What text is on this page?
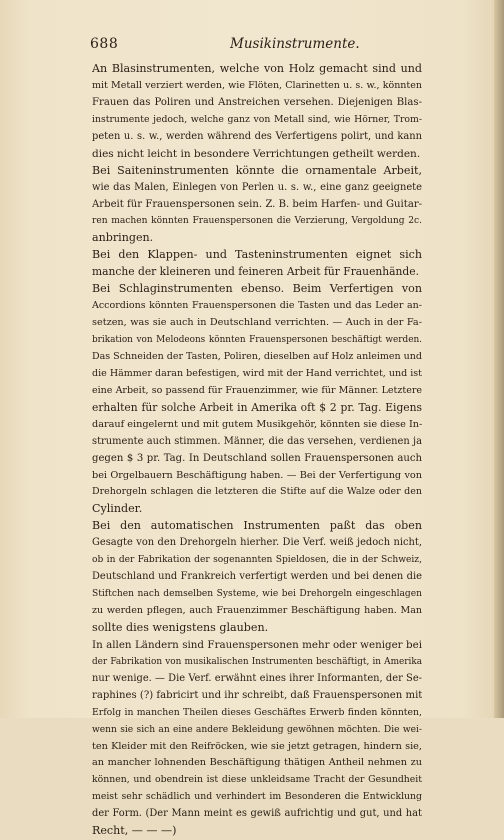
688	Musikinstrumente.
An Blasinstrumenten, welche von Holz gemacht sind und
mit Metall verziert werden, wie Flöten, Clarinetten u. s. w., könnten
Frauen das Poliren und Anstreichen versehen. Diejenigen Blas-
instrumente jedoch, welche ganz von Metall sind, wie Hörner, Trom-
peten u. s. w., werden während des Verfertigens polirt, und kann
dies nicht leicht in besondere Verrichtungen getheilt werden.
Bei Saiteninstrumenten könnte die ornamentale Arbeit,
wie das Malen, Einlegen von Perlen u. s. w., eine ganz geeignete
Arbeit für Frauenspersonen sein. Z. B. beim Harfen- und Guitar-
ren machen könnten Frauenspersonen die Verzierung, Vergoldung 2c.
anbringen.
Bei den Klappen- und Tasteninstrumenten eignet sich
manche der kleineren und feineren Arbeit für Frauenhände.
Bei Schlaginstrumenten ebenso. Beim Verfertigen von
Accordions könnten Frauenspersonen die Tasten und das Leder an-
setzen, was sie auch in Deutschland verrichten. — Auch in der Fa-
brikation von Melodeons könnten Frauenspersonen beschäftigt werden.
Das Schneiden der Tasten, Poliren, dieselben auf Holz anleimen und
die Hämmer daran befestigen, wird mit der Hand verrichtet, und ist
eine Arbeit, so passend für Frauenzimmer, wie für Männer. Letztere
erhalten für solche Arbeit in Amerika oft $ 2 pr. Tag. Eigens
darauf eingelernt und mit gutem Musikgehör, könnten sie diese In-
strumente auch stimmen. Männer, die das versehen, verdienen ja
gegen $ 3 pr. Tag. In Deutschland sollen Frauenspersonen auch
bei Orgelbauern Beschäftigung haben. — Bei der Verfertigung von
Drehorgeln schlagen die letzteren die Stifte auf die Walze oder den
Cylinder.
Bei den automatischen Instrumenten paßt das oben
Gesagte von den Drehorgeln hierher. Die Verf. weiß jedoch nicht,
ob in der Fabrikation der sogenannten Spieldosen, die in der Schweiz,
Deutschland und Frankreich verfertigt werden und bei denen die
Stiftchen nach demselben Systeme, wie bei Drehorgeln eingeschlagen
zu werden pflegen, auch Frauenzimmer Beschäftigung haben. Man
sollte dies wenigstens glauben.
In allen Ländern sind Frauenspersonen mehr oder weniger bei
der Fabrikation von musikalischen Instrumenten beschäftigt, in Amerika
nur wenige. — Die Verf. erwähnt eines ihrer Informanten, der Se-
raphines (?) fabricirt und ihr schreibt, daß Frauenspersonen mit
Erfolg in manchen Theilen dieses Geschäftes Erwerb finden könnten,
wenn sie sich an eine andere Bekleidung gewöhnen möchten. Die wei-
ten Kleider mit den Reifröcken, wie sie jetzt getragen, hindern sie,
an mancher lohnenden Beschäftigung thätigen Antheil nehmen zu
können, und obendrein ist diese unkleidsame Tracht der Gesundheit
meist sehr schädlich und verhindert im Besonderen die Entwicklung
der Form. (Der Mann meint es gewiß aufrichtig und gut, und hat
Recht, — — —)
